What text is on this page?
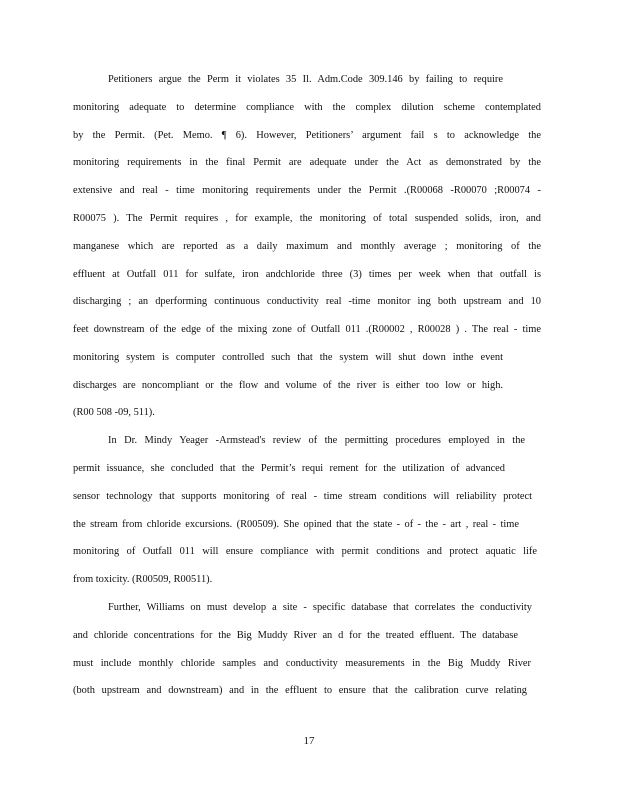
Petitioners argue the Perm it violates 35 Il. Adm.Code 309.146 by failing to require
monitoring adequate to determine compliance with the complex dilution scheme contemplated
by the Permit. (Pet. Memo. ¶ 6). However, Petitioners’ argument fail s to acknowledge the
monitoring requirements in the final Permit are adequate under the Act as demonstrated by the
extensive and real - time monitoring requirements under the Permit .(R00068 -R00070 ;R00074 -
R00075 ). The Permit requires , for example, the monitoring of total suspended solids, iron, and
manganese which are reported as a daily maximum and monthly average ; monitoring of the
effluent at Outfall 011 for sulfate, iron andchloride three (3) times per week when that outfall is
discharging ; an dperforming continuous conductivity real -time monitor ing both upstream and 10
feet downstream of the edge of the mixing zone of Outfall 011 .(R00002 , R00028 ) . The real - time
monitoring system is computer controlled such that the system will shut down inthe event
discharges are noncompliant or the flow and volume of the river is either too low or high.
(R00 508 -09, 511).
In Dr. Mindy Yeager -Armstead's review of the permitting procedures employed in the
permit issuance, she concluded that the Permit’s requi rement for the utilization of advanced
sensor technology that supports monitoring of real - time stream conditions will reliability protect
the stream from chloride excursions. (R00509). She opined that the state - of - the - art , real - time
monitoring of Outfall 011 will ensure compliance with permit conditions and protect aquatic life
from toxicity. (R00509, R00511).
Further, Williams on must develop a site - specific database that correlates the conductivity
and chloride concentrations for the Big Muddy River an d for the treated effluent. The database
must include monthly chloride samples and conductivity measurements in the Big Muddy River
(both upstream and downstream) and in the effluent to ensure that the calibration curve relating
17
